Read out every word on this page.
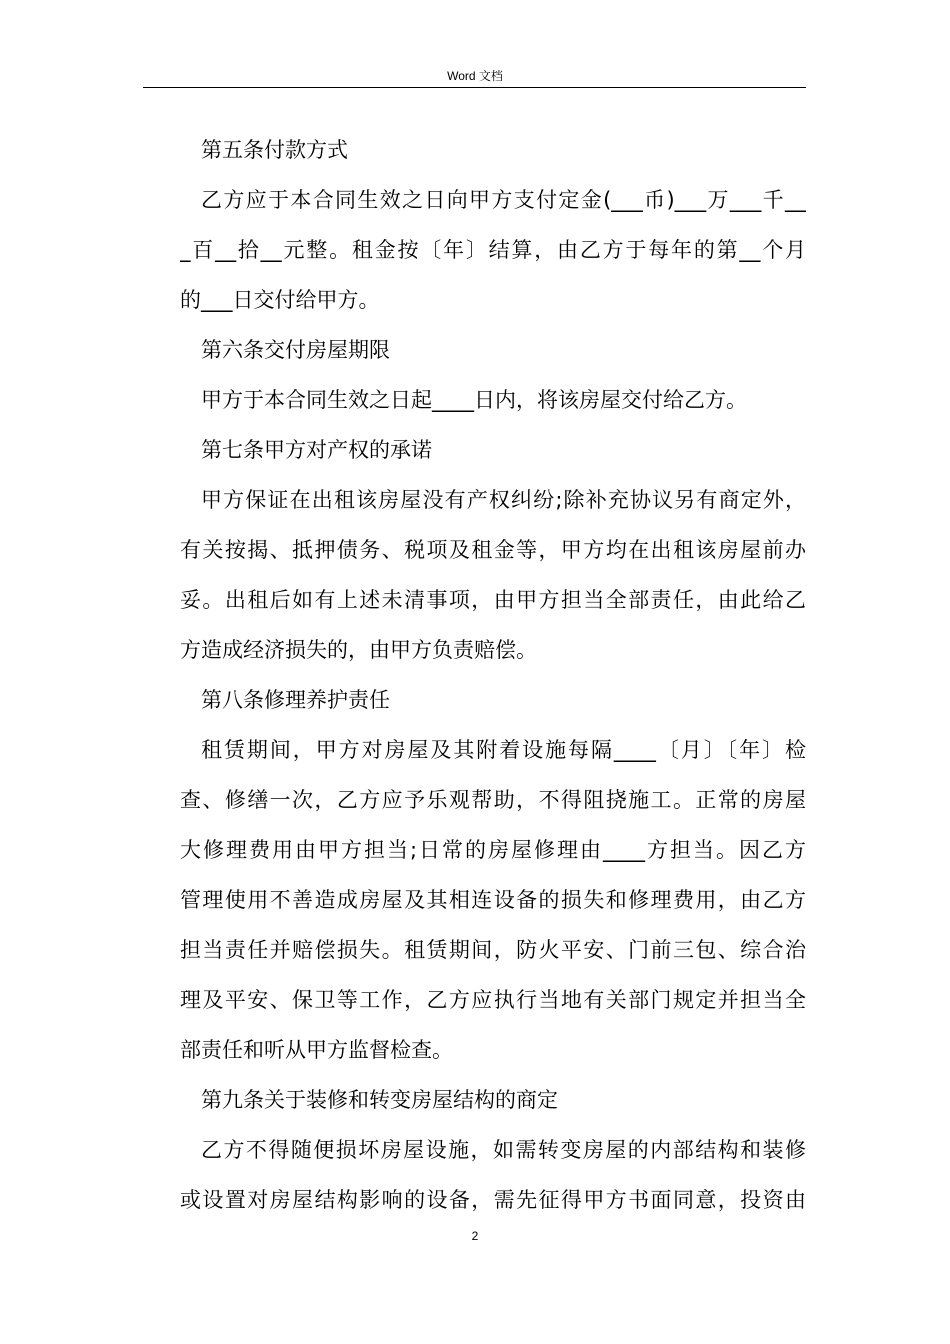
Word 文档
第五条付款方式
乙方应于本合同生效之日向甲方支付定金(___币)___万___千__
_百__拾__元整。租金按〔年〕结算，由乙方于每年的第__个月
的___日交付给甲方。
第六条交付房屋期限
甲方于本合同生效之日起____日内，将该房屋交付给乙方。
第七条甲方对产权的承诺
甲方保证在出租该房屋没有产权纠纷;除补充协议另有商定外，
有关按揭、抵押债务、税项及租金等，甲方均在出租该房屋前办
妥。出租后如有上述未清事项，由甲方担当全部责任，由此给乙
方造成经济损失的，由甲方负责赔偿。
第八条修理养护责任
租赁期间，甲方对房屋及其附着设施每隔____〔月〕〔年〕检
查、修缮一次，乙方应予乐观帮助，不得阻挠施工。正常的房屋
大修理费用由甲方担当;日常的房屋修理由____方担当。因乙方
管理使用不善造成房屋及其相连设备的损失和修理费用，由乙方
担当责任并赔偿损失。租赁期间，防火平安、门前三包、综合治
理及平安、保卫等工作，乙方应执行当地有关部门规定并担当全
部责任和听从甲方监督检查。
第九条关于装修和转变房屋结构的商定
乙方不得随便损坏房屋设施，如需转变房屋的内部结构和装修
或设置对房屋结构影响的设备，需先征得甲方书面同意，投资由
2
